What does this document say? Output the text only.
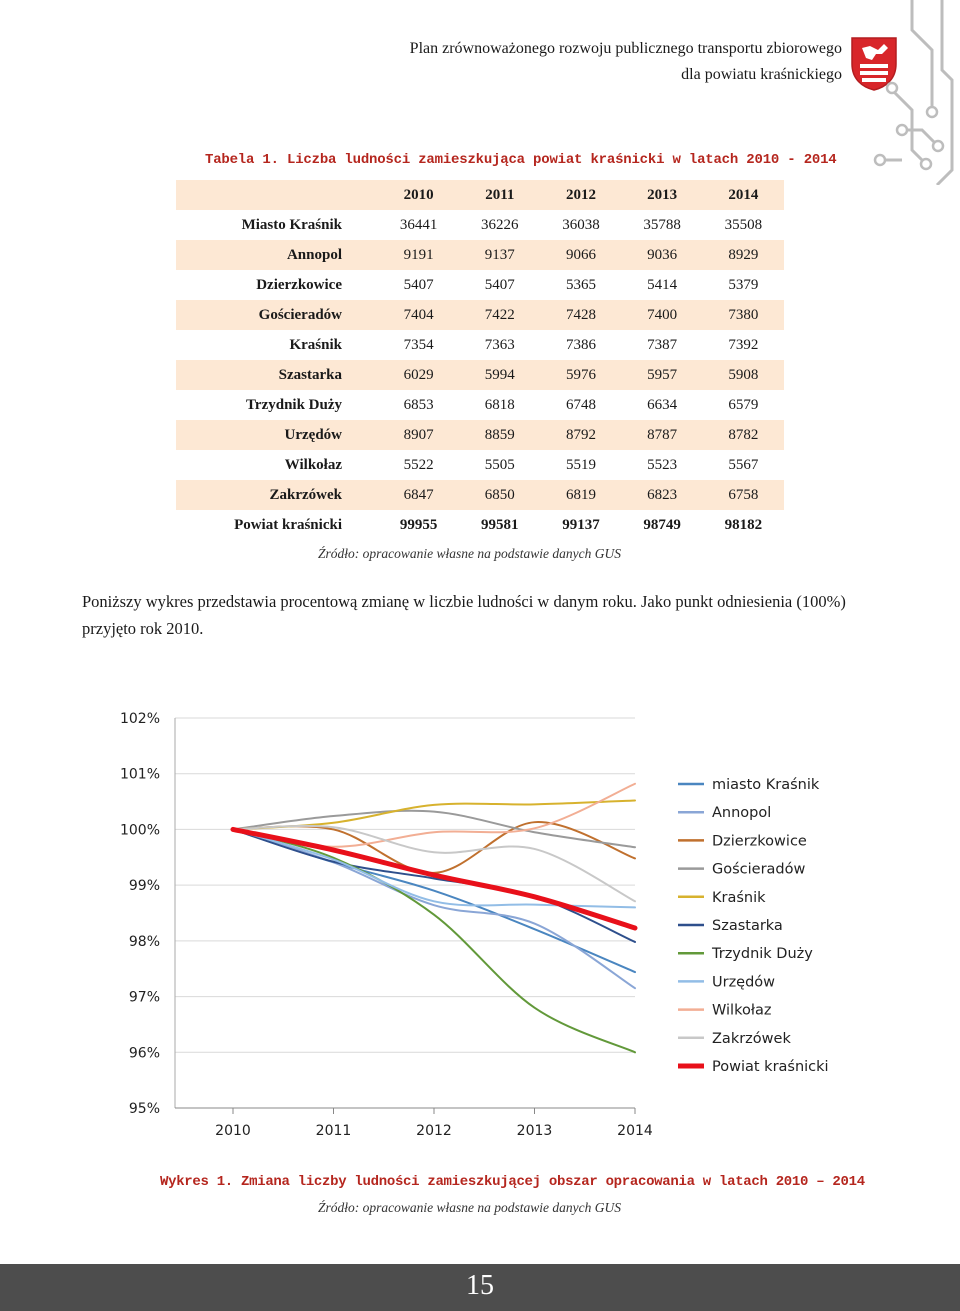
Plan zrównoważonego rozwoju publicznego transportu zbiorowego
dla powiatu kraśnickiego
Tabela 1. Liczba ludności zamieszkująca powiat kraśnicki w latach 2010 - 2014
	2010	2011	2012	2013	2014
Miasto Kraśnik	36441	36226	36038	35788	35508
Annopol	9191	9137	9066	9036	8929
Dzierzkowice	5407	5407	5365	5414	5379
Gościeradów	7404	7422	7428	7400	7380
Kraśnik	7354	7363	7386	7387	7392
Szastarka	6029	5994	5976	5957	5908
Trzydnik Duży	6853	6818	6748	6634	6579
Urzędów	8907	8859	8792	8787	8782
Wilkołaz	5522	5505	5519	5523	5567
Zakrzówek	6847	6850	6819	6823	6758
Powiat kraśnicki	99955	99581	99137	98749	98182
Źródło: opracowanie własne na podstawie danych GUS
Poniższy wykres przedstawia procentową zmianę w liczbie ludności w danym roku. Jako punkt odniesienia (100%) przyjęto rok 2010.
95%
96%
97%
98%
99%
100%
101%
102%
2010	2011	2012	2013	2014
miasto Kraśnik
Annopol
Dzierzkowice
Gościeradów
Kraśnik
Szastarka
Trzydnik Duży
Urzędów
Wilkołaz
Zakrzówek
Powiat kraśnicki
Wykres 1. Zmiana liczby ludności zamieszkującej obszar opracowania w latach 2010 – 2014
Źródło: opracowanie własne na podstawie danych GUS
15
